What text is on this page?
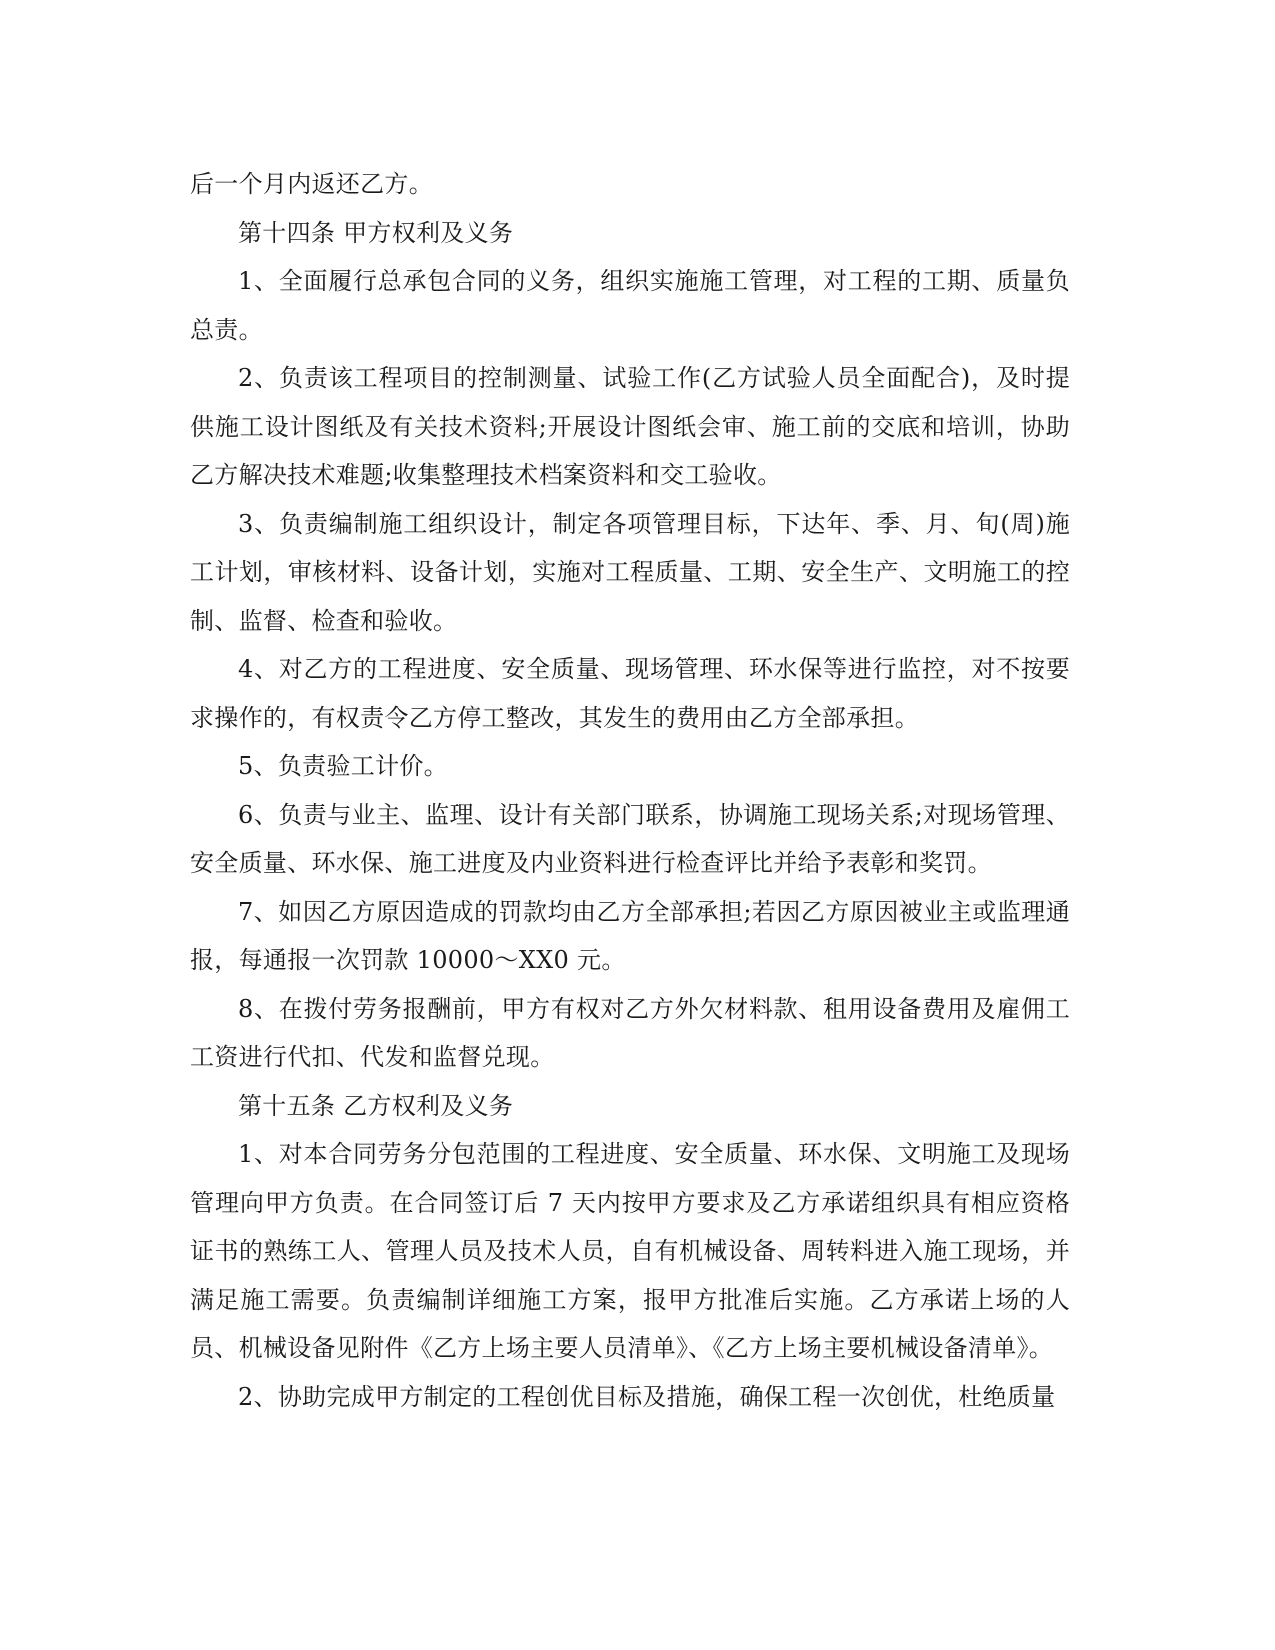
后一个月内返还乙方。

第十四条 甲方权利及义务

1、全面履行总承包合同的义务，组织实施施工管理，对工程的工期、质量负总责。

2、负责该工程项目的控制测量、试验工作(乙方试验人员全面配合)，及时提供施工设计图纸及有关技术资料;开展设计图纸会审、施工前的交底和培训，协助乙方解决技术难题;收集整理技术档案资料和交工验收。

3、负责编制施工组织设计，制定各项管理目标，下达年、季、月、旬(周)施工计划，审核材料、设备计划，实施对工程质量、工期、安全生产、文明施工的控制、监督、检查和验收。

4、对乙方的工程进度、安全质量、现场管理、环水保等进行监控，对不按要求操作的，有权责令乙方停工整改，其发生的费用由乙方全部承担。

5、负责验工计价。

6、负责与业主、监理、设计有关部门联系，协调施工现场关系;对现场管理、安全质量、环水保、施工进度及内业资料进行检查评比并给予表彰和奖罚。

7、如因乙方原因造成的罚款均由乙方全部承担;若因乙方原因被业主或监理通报，每通报一次罚款 10000～XX0 元。

8、在拨付劳务报酬前，甲方有权对乙方外欠材料款、租用设备费用及雇佣工工资进行代扣、代发和监督兑现。

第十五条 乙方权利及义务

1、对本合同劳务分包范围的工程进度、安全质量、环水保、文明施工及现场管理向甲方负责。在合同签订后 7 天内按甲方要求及乙方承诺组织具有相应资格证书的熟练工人、管理人员及技术人员，自有机械设备、周转料进入施工现场，并满足施工需要。负责编制详细施工方案，报甲方批准后实施。乙方承诺上场的人员、机械设备见附件《乙方上场主要人员清单》、《乙方上场主要机械设备清单》。

2、协助完成甲方制定的工程创优目标及措施，确保工程一次创优，杜绝质量
